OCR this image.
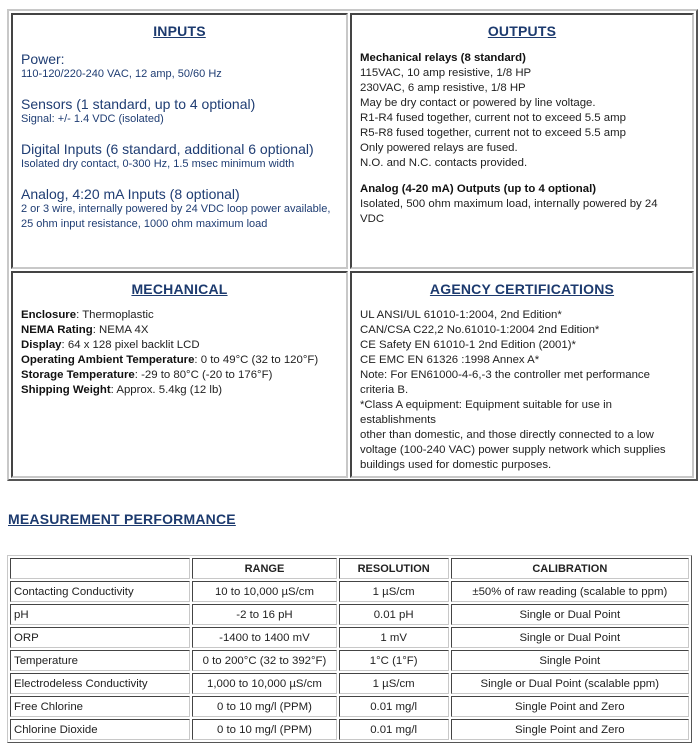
INPUTS
Power:
110-120/220-240 VAC, 12 amp, 50/60 Hz
Sensors (1 standard, up to 4 optional)
Signal: +/- 1.4 VDC (isolated)
Digital Inputs (6 standard, additional 6 optional)
Isolated dry contact, 0-300 Hz, 1.5 msec minimum width
Analog, 4:20 mA Inputs (8 optional)
2 or 3 wire, internally powered by 24 VDC loop power available, 25 ohm input resistance, 1000 ohm maximum load
OUTPUTS
Mechanical relays (8 standard)
115VAC, 10 amp resistive, 1/8 HP
230VAC, 6 amp resistive, 1/8 HP
May be dry contact or powered by line voltage.
R1-R4 fused together, current not to exceed 5.5 amp
R5-R8 fused together, current not to exceed 5.5 amp
Only powered relays are fused.
N.O. and N.C. contacts provided.
Analog (4-20 mA) Outputs (up to 4 optional)
Isolated, 500 ohm maximum load, internally powered by 24 VDC
MECHANICAL
Enclosure: Thermoplastic
NEMA Rating: NEMA 4X
Display: 64 x 128 pixel backlit LCD
Operating Ambient Temperature: 0 to 49°C (32 to 120°F)
Storage Temperature: -29 to 80°C (-20 to 176°F)
Shipping Weight: Approx. 5.4kg (12 lb)
AGENCY CERTIFICATIONS
UL ANSI/UL 61010-1:2004, 2nd Edition*
CAN/CSA C22,2 No.61010-1:2004 2nd Edition*
CE Safety EN 61010-1 2nd Edition (2001)*
CE EMC EN 61326 :1998 Annex A*
Note: For EN61000-4-6,-3 the controller met performance criteria B.
*Class A equipment: Equipment suitable for use in establishments
other than domestic, and those directly connected to a low voltage (100-240 VAC) power supply network which supplies buildings used for domestic purposes.
MEASUREMENT PERFORMANCE
	RANGE	RESOLUTION	CALIBRATION
Contacting Conductivity	10 to 10,000 µS/cm	1 µS/cm	±50% of raw reading (scalable to ppm)
pH	-2 to 16 pH	0.01 pH	Single or Dual Point
ORP	-1400 to 1400 mV	1 mV	Single or Dual Point
Temperature	0 to 200°C (32 to 392°F)	1°C (1°F)	Single Point
Electrodeless Conductivity	1,000 to 10,000 µS/cm	1 µS/cm	Single or Dual Point (scalable ppm)
Free Chlorine	0 to 10 mg/l (PPM)	0.01 mg/l	Single Point and Zero
Chlorine Dioxide	0 to 10 mg/l (PPM)	0.01 mg/l	Single Point and Zero
